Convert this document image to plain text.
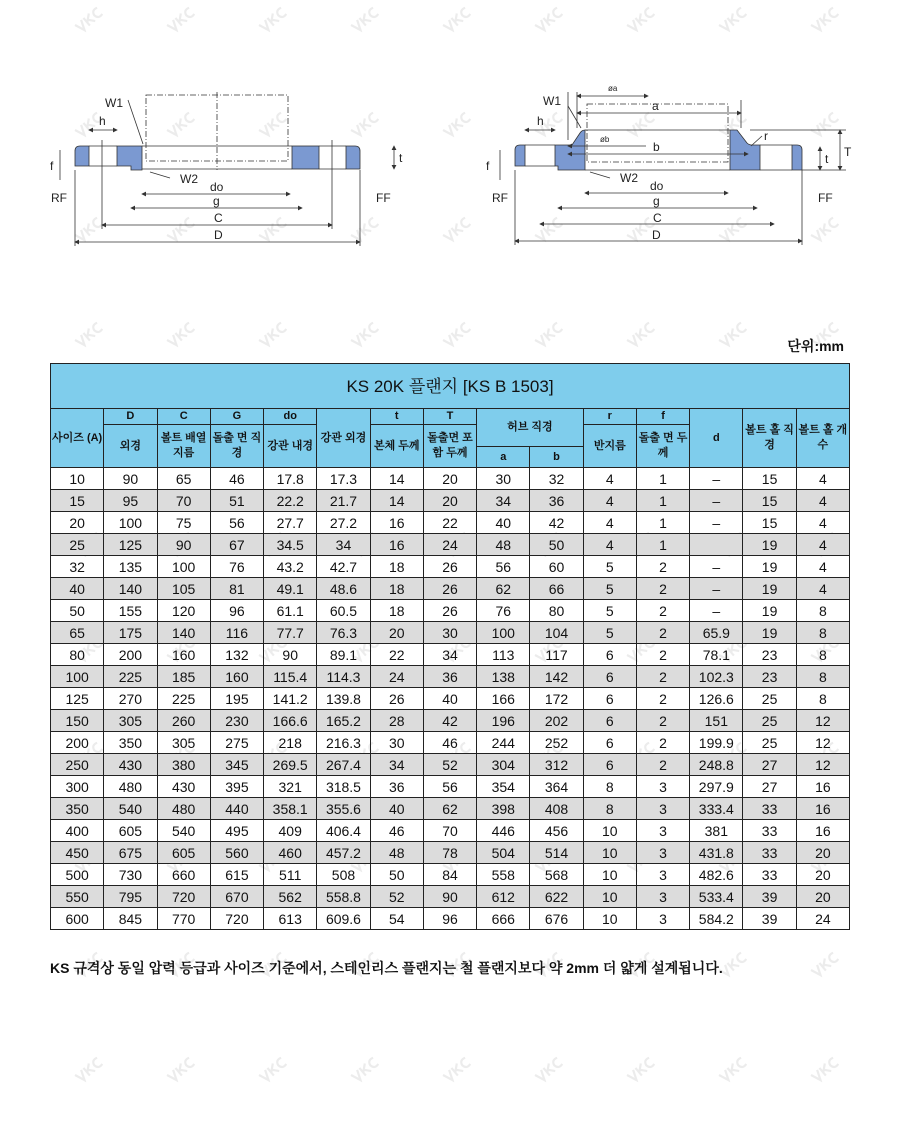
W1
h
f
RF
W2
do
g
C
D
FF
t
øa
a
W1
h
øb
b
r
T
t
f
RF
W2
do
g
C
D
FF
단위:mm
KS 20K 플랜지 [KS B 1503]														
사이즈 (A)	D	C	G	do	강관 외경	t	T	허브 직경		r	f	d	볼트 홀 직경	볼트 홀 개수
	외경	볼트 배열 지름	돌출 면 직경	강관 내경		본체 두께	돌출면 포함 두께			반지름	돌출 면 두께			
								a	b					
10	90	65	46	17.8	17.3	14	20	30	32	4	1	–	15	4
15	95	70	51	22.2	21.7	14	20	34	36	4	1	–	15	4
20	100	75	56	27.7	27.2	16	22	40	42	4	1	–	15	4
25	125	90	67	34.5	34	16	24	48	50	4	1		19	4
32	135	100	76	43.2	42.7	18	26	56	60	5	2	–	19	4
40	140	105	81	49.1	48.6	18	26	62	66	5	2	–	19	4
50	155	120	96	61.1	60.5	18	26	76	80	5	2	–	19	8
65	175	140	116	77.7	76.3	20	30	100	104	5	2	65.9	19	8
80	200	160	132	90	89.1	22	34	113	117	6	2	78.1	23	8
100	225	185	160	115.4	114.3	24	36	138	142	6	2	102.3	23	8
125	270	225	195	141.2	139.8	26	40	166	172	6	2	126.6	25	8
150	305	260	230	166.6	165.2	28	42	196	202	6	2	151	25	12
200	350	305	275	218	216.3	30	46	244	252	6	2	199.9	25	12
250	430	380	345	269.5	267.4	34	52	304	312	6	2	248.8	27	12
300	480	430	395	321	318.5	36	56	354	364	8	3	297.9	27	16
350	540	480	440	358.1	355.6	40	62	398	408	8	3	333.4	33	16
400	605	540	495	409	406.4	46	70	446	456	10	3	381	33	16
450	675	605	560	460	457.2	48	78	504	514	10	3	431.8	33	20
500	730	660	615	511	508	50	84	558	568	10	3	482.6	33	20
550	795	720	670	562	558.8	52	90	612	622	10	3	533.4	39	20
600	845	770	720	613	609.6	54	96	666	676	10	3	584.2	39	24
KS 규격상 동일 압력 등급과 사이즈 기준에서, 스테인리스 플랜지는 철 플랜지보다 약 2mm 더 얇게 설계됩니다.
